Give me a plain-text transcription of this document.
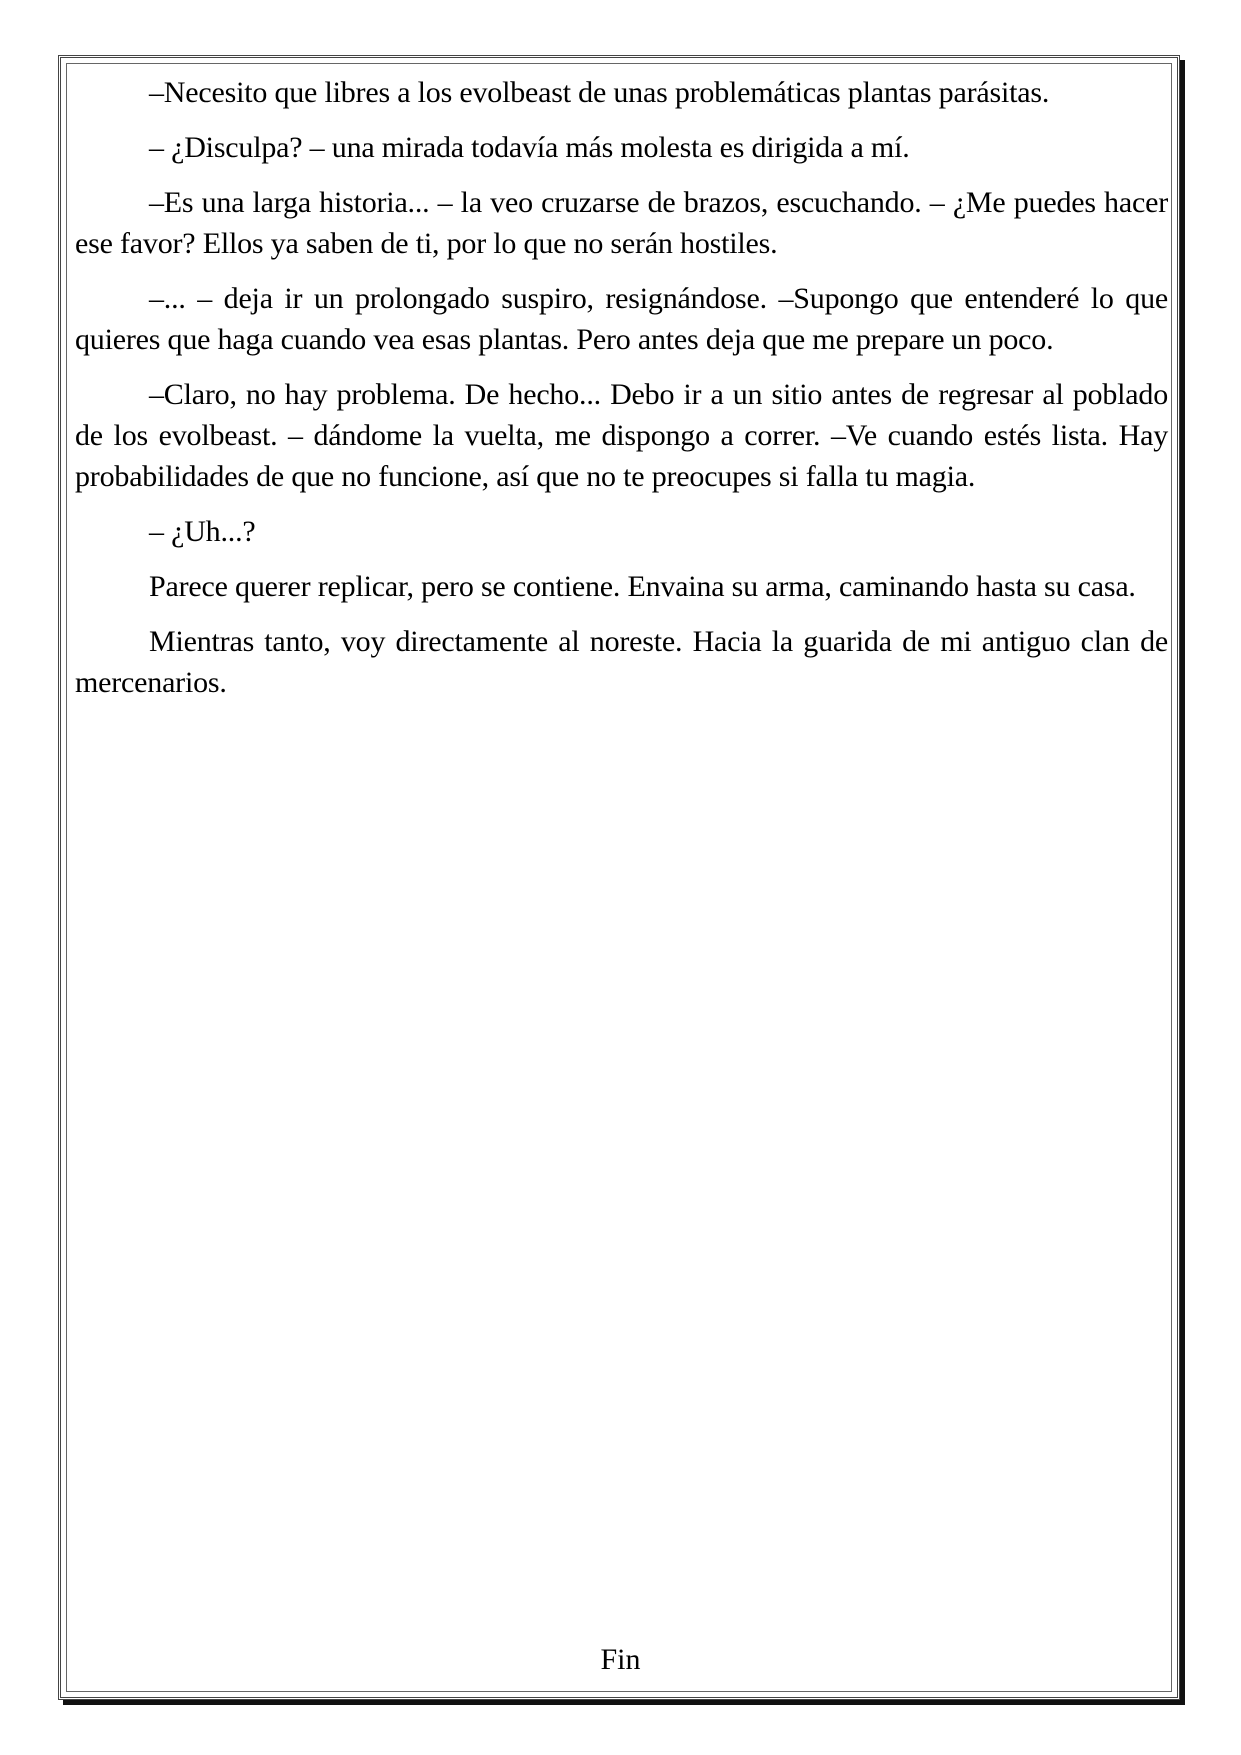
–Necesito que libres a los evolbeast de unas problemáticas plantas parásitas.

– ¿Disculpa? – una mirada todavía más molesta es dirigida a mí.

–Es una larga historia... – la veo cruzarse de brazos, escuchando. – ¿Me puedes hacer ese favor? Ellos ya saben de ti, por lo que no serán hostiles.

–... – deja ir un prolongado suspiro, resignándose. –Supongo que entenderé lo que quieres que haga cuando vea esas plantas. Pero antes deja que me prepare un poco.

–Claro, no hay problema. De hecho... Debo ir a un sitio antes de regresar al poblado de los evolbeast. – dándome la vuelta, me dispongo a correr. –Ve cuando estés lista. Hay probabilidades de que no funcione, así que no te preocupes si falla tu magia.

– ¿Uh...?

Parece querer replicar, pero se contiene. Envaina su arma, caminando hasta su casa.

Mientras tanto, voy directamente al noreste. Hacia la guarida de mi antiguo clan de mercenarios.

Fin
